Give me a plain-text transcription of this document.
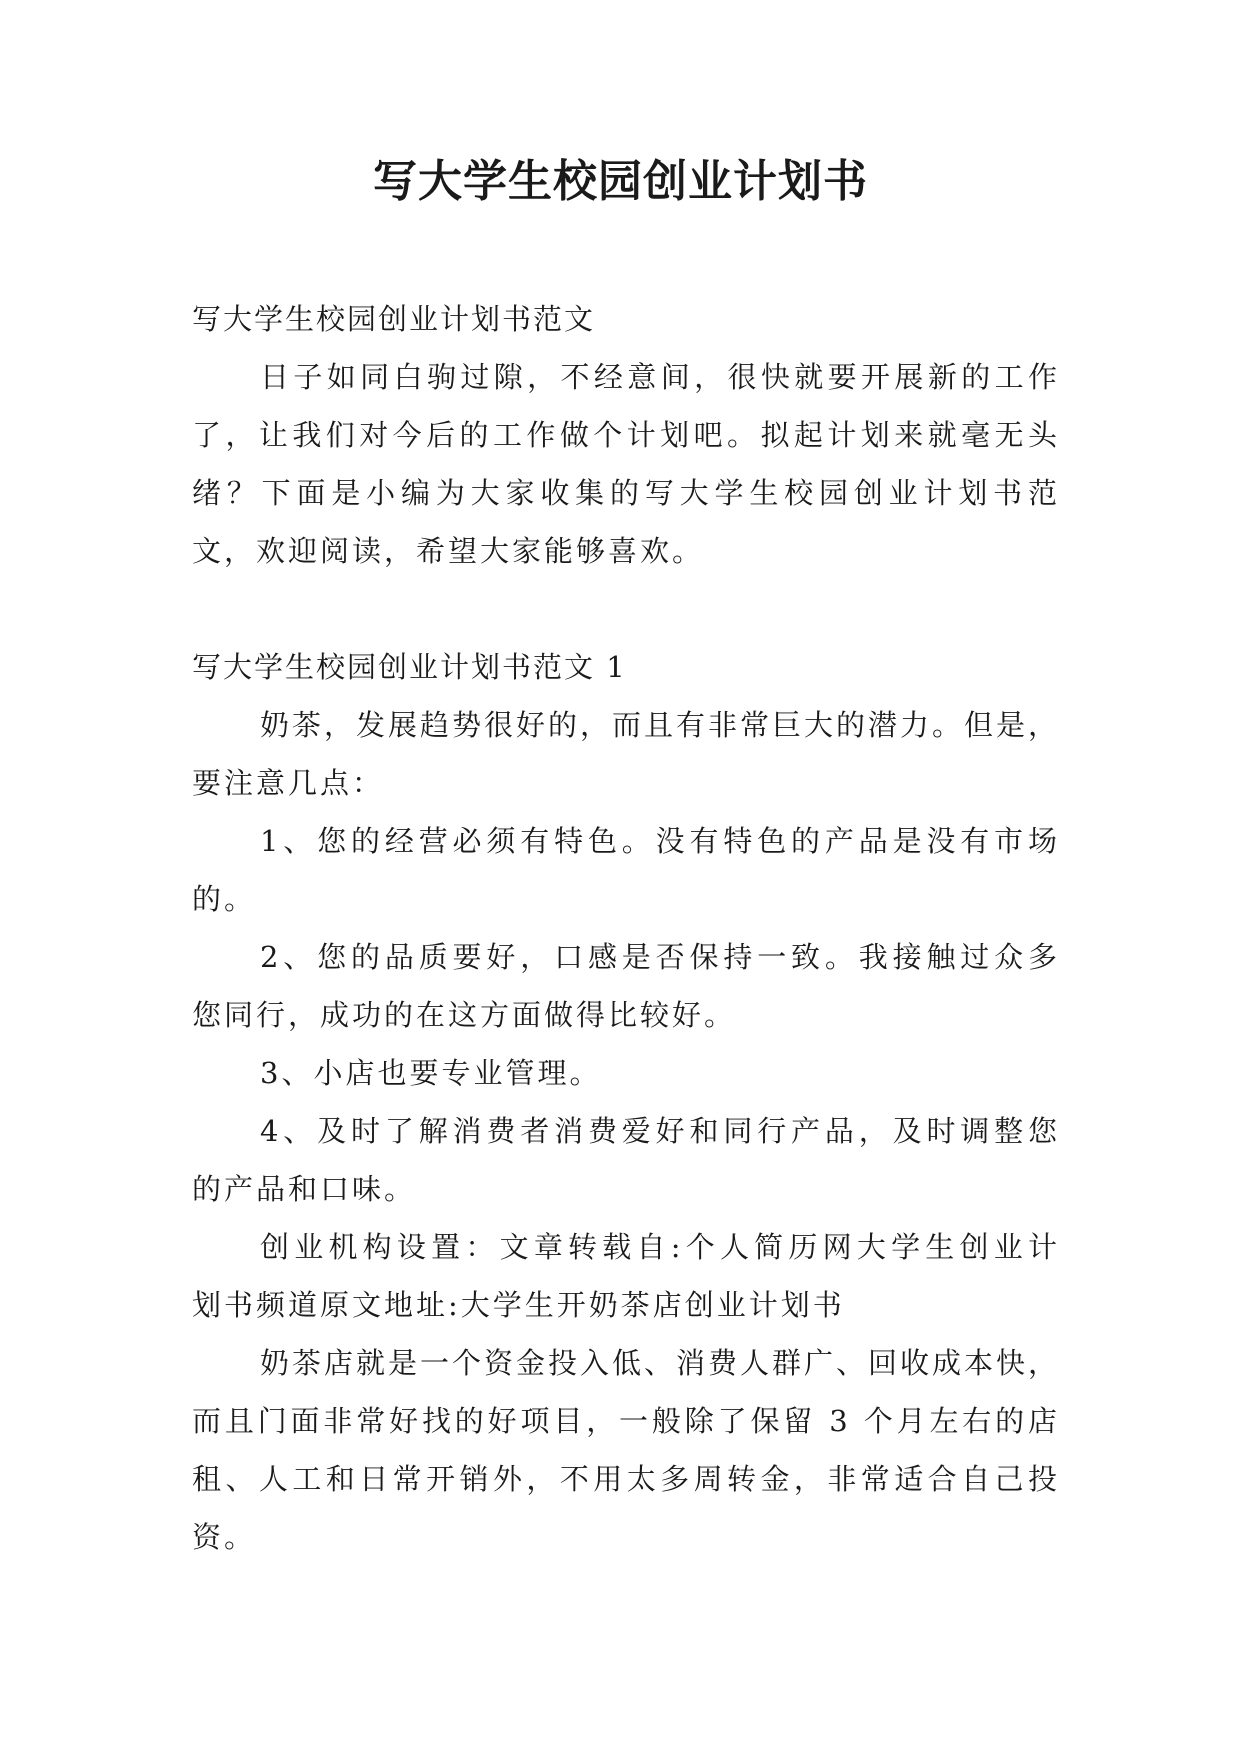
写大学生校园创业计划书

写大学生校园创业计划书范文

日子如同白驹过隙，不经意间，很快就要开展新的工作

了，让我们对今后的工作做个计划吧。拟起计划来就毫无头

绪？下面是小编为大家收集的写大学生校园创业计划书范

文，欢迎阅读，希望大家能够喜欢。

写大学生校园创业计划书范文 1

奶茶，发展趋势很好的，而且有非常巨大的潜力。但是，

要注意几点：

1、您的经营必须有特色。没有特色的产品是没有市场

的。

2、您的品质要好，口感是否保持一致。我接触过众多

您同行，成功的在这方面做得比较好。

3、小店也要专业管理。

4、及时了解消费者消费爱好和同行产品，及时调整您

的产品和口味。

创业机构设置：文章转载自:个人简历网大学生创业计

划书频道原文地址:大学生开奶茶店创业计划书

奶茶店就是一个资金投入低、消费人群广、回收成本快，

而且门面非常好找的好项目，一般除了保留 3 个月左右的店

租、人工和日常开销外，不用太多周转金，非常适合自己投

资。
